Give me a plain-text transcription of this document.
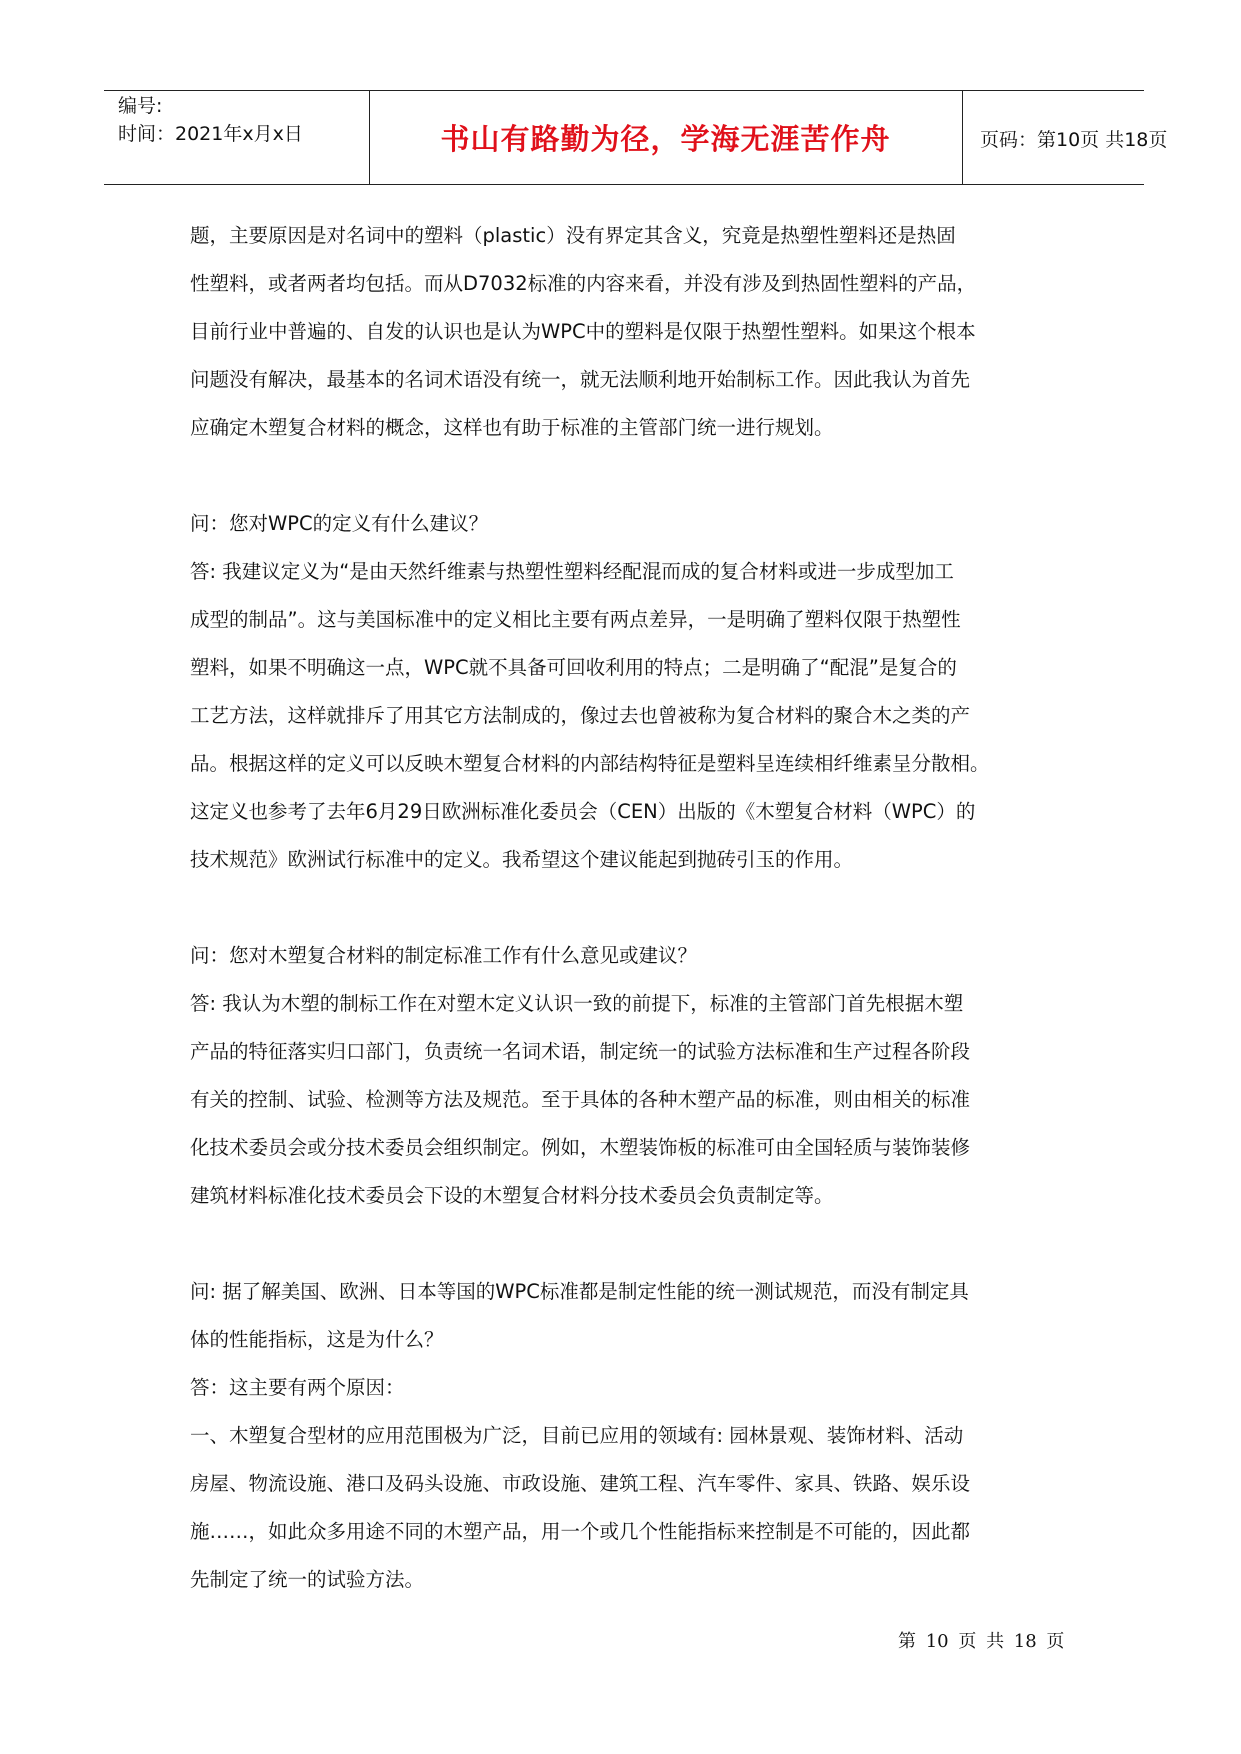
编号:
时间：2021年x月x日	书山有路勤为径，学海无涯苦作舟	页码：第10页 共18页

题，主要原因是对名词中的塑料（plastic）没有界定其含义，究竟是热塑性塑料还是热固

性塑料，或者两者均包括。而从D7032标准的内容来看，并没有涉及到热固性塑料的产品，

目前行业中普遍的、自发的认识也是认为WPC中的塑料是仅限于热塑性塑料。如果这个根本

问题没有解决，最基本的名词术语没有统一，就无法顺利地开始制标工作。因此我认为首先

应确定木塑复合材料的概念，这样也有助于标准的主管部门统一进行规划。

问：您对WPC的定义有什么建议？

答: 我建议定义为“是由天然纤维素与热塑性塑料经配混而成的复合材料或进一步成型加工

成型的制品”。这与美国标准中的定义相比主要有两点差异，一是明确了塑料仅限于热塑性

塑料，如果不明确这一点，WPC就不具备可回收利用的特点；二是明确了“配混”是复合的

工艺方法，这样就排斥了用其它方法制成的，像过去也曾被称为复合材料的聚合木之类的产

品。根据这样的定义可以反映木塑复合材料的内部结构特征是塑料呈连续相纤维素呈分散相。

这定义也参考了去年6月29日欧洲标准化委员会（CEN）出版的《木塑复合材料（WPC）的

技术规范》欧洲试行标准中的定义。我希望这个建议能起到抛砖引玉的作用。

问：您对木塑复合材料的制定标准工作有什么意见或建议？

答: 我认为木塑的制标工作在对塑木定义认识一致的前提下，标准的主管部门首先根据木塑

产品的特征落实归口部门，负责统一名词术语，制定统一的试验方法标准和生产过程各阶段

有关的控制、试验、检测等方法及规范。至于具体的各种木塑产品的标准，则由相关的标准

化技术委员会或分技术委员会组织制定。例如，木塑装饰板的标准可由全国轻质与装饰装修

建筑材料标准化技术委员会下设的木塑复合材料分技术委员会负责制定等。

问: 据了解美国、欧洲、日本等国的WPC标准都是制定性能的统一测试规范，而没有制定具

体的性能指标，这是为什么？

答：这主要有两个原因：

一、木塑复合型材的应用范围极为广泛，目前已应用的领域有: 园林景观、装饰材料、活动

房屋、物流设施、港口及码头设施、市政设施、建筑工程、汽车零件、家具、铁路、娱乐设

施……，如此众多用途不同的木塑产品，用一个或几个性能指标来控制是不可能的，因此都

先制定了统一的试验方法。

第 10 页 共 18 页
